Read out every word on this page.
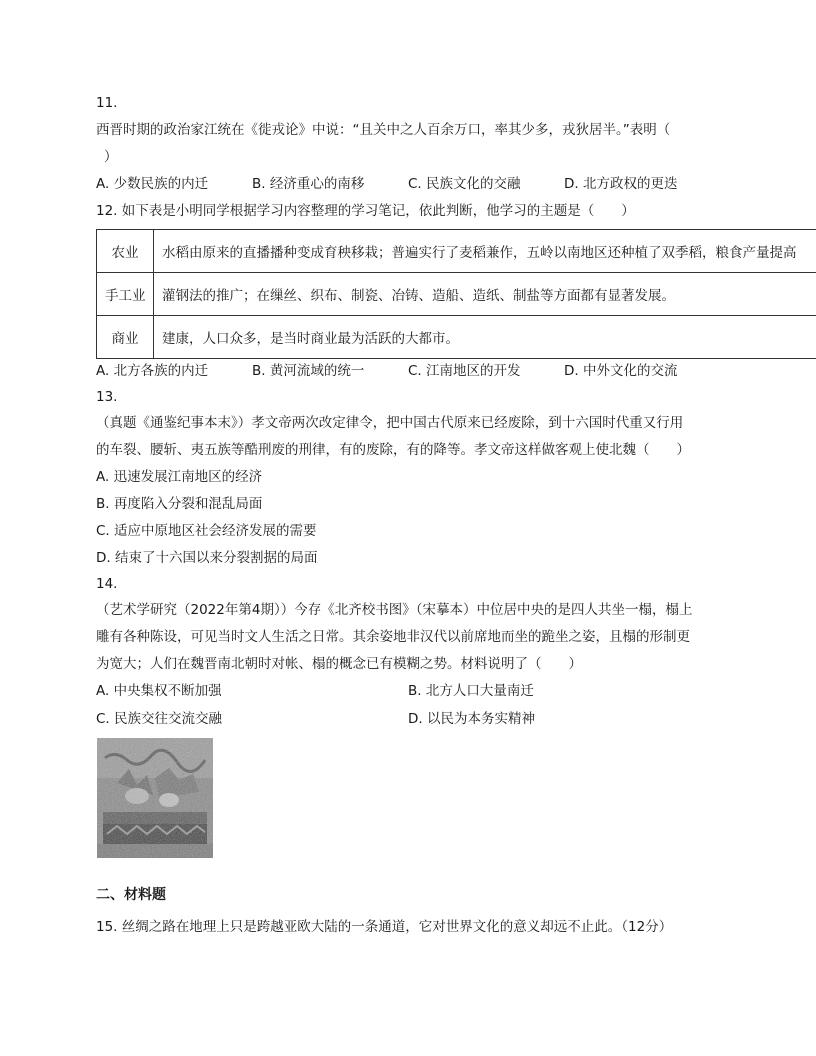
11.
西晋时期的政治家江统在《徙戎论》中说：“且关中之人百余万口，率其少多，戎狄居半。”表明（
）
A. 少数民族的内迁	B. 经济重心的南移	C. 民族文化的交融	D. 北方政权的更迭
12. 如下表是小明同学根据学习内容整理的学习笔记，依此判断，他学习的主题是（　　）
农业	水稻由原来的直播播种变成育秧移栽；普遍实行了麦稻兼作，五岭以南地区还种植了双季稻，粮食产量提高
手工业	灌钢法的推广；在缫丝、织布、制瓷、冶铸、造船、造纸、制盐等方面都有显著发展。
商业	建康，人口众多，是当时商业最为活跃的大都市。
A. 北方各族的内迁	B. 黄河流域的统一	C. 江南地区的开发	D. 中外文化的交流
13.
（真题《通鉴纪事本末》）孝文帝两次改定律令，把中国古代原来已经废除，到十六国时代重又行用
的车裂、腰斩、夷五族等酷刑废的刑律，有的废除，有的降等。孝文帝这样做客观上使北魏（　　）
A. 迅速发展江南地区的经济
B. 再度陷入分裂和混乱局面
C. 适应中原地区社会经济发展的需要
D. 结束了十六国以来分裂割据的局面
14.
（艺术学研究（2022年第4期））今存《北齐校书图》（宋摹本）中位居中央的是四人共坐一榻，榻上
雕有各种陈设，可见当时文人生活之日常。其余姿地非汉代以前席地而坐的跪坐之姿，且榻的形制更
为宽大；人们在魏晋南北朝时对帐、榻的概念已有模糊之势。材料说明了（　　）
A. 中央集权不断加强	B. 北方人口大量南迁
C. 民族交往交流交融	D. 以民为本务实精神
二、材料题
15. 丝绸之路在地理上只是跨越亚欧大陆的一条通道，它对世界文化的意义却远不止此。（12分）
